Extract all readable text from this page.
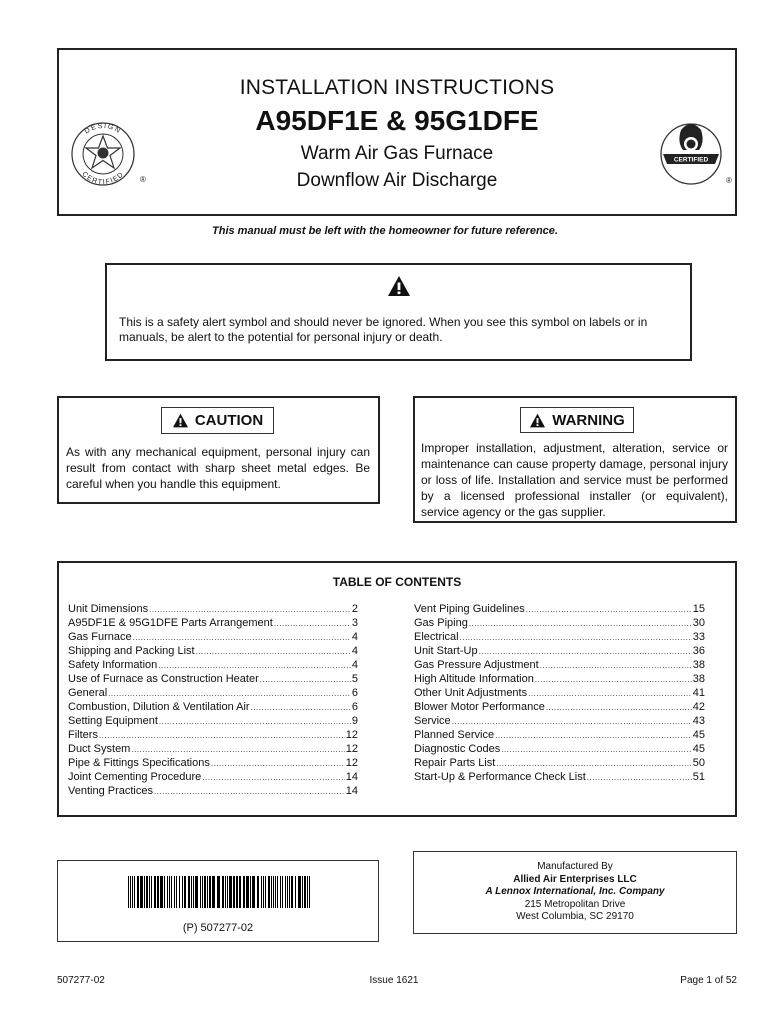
DESIGN
CERTIFIED ®
INSTALLATION INSTRUCTIONS
A95DF1E & 95G1DFE
Warm Air Gas Furnace
Downflow Air Discharge
CERTIFIED
®
This manual must be left with the homeowner for future reference.
This is a safety alert symbol and should never be ignored. When you see this symbol on labels or in manuals, be alert to the potential for personal injury or death.
CAUTION
As with any mechanical equipment, personal injury can result from contact with sharp sheet metal edges. Be careful when you handle this equipment.
WARNING
Improper installation, adjustment, alteration, service or maintenance can cause property damage, personal injury or loss of life. Installation and service must be performed by a licensed professional installer (or equivalent), service agency or the gas supplier.
TABLE OF CONTENTS
Unit Dimensions .....	2
A95DF1E & 95G1DFE Parts Arrangement .....	3
Gas Furnace .....	4
Shipping and Packing List .....	4
Safety Information .....	4
Use of Furnace as Construction Heater .....	5
General .....	6
Combustion, Dilution & Ventilation Air .....	6
Setting Equipment .....	9
Filters .....	12
Duct System .....	12
Pipe & Fittings Specifications .....	12
Joint Cementing Procedure .....	14
Venting Practices .....	14
Vent Piping Guidelines .....	15
Gas Piping .....	30
Electrical .....	33
Unit Start-Up .....	36
Gas Pressure Adjustment .....	38
High Altitude Information .....	38
Other Unit Adjustments .....	41
Blower Motor Performance .....	42
Service .....	43
Planned Service .....	45
Diagnostic Codes .....	45
Repair Parts List .....	50
Start-Up & Performance Check List .....	51
(P) 507277-02
Manufactured By
Allied Air Enterprises LLC
A Lennox International, Inc. Company
215 Metropolitan Drive
West Columbia, SC 29170
507277-02	Issue 1621	Page 1 of 52
